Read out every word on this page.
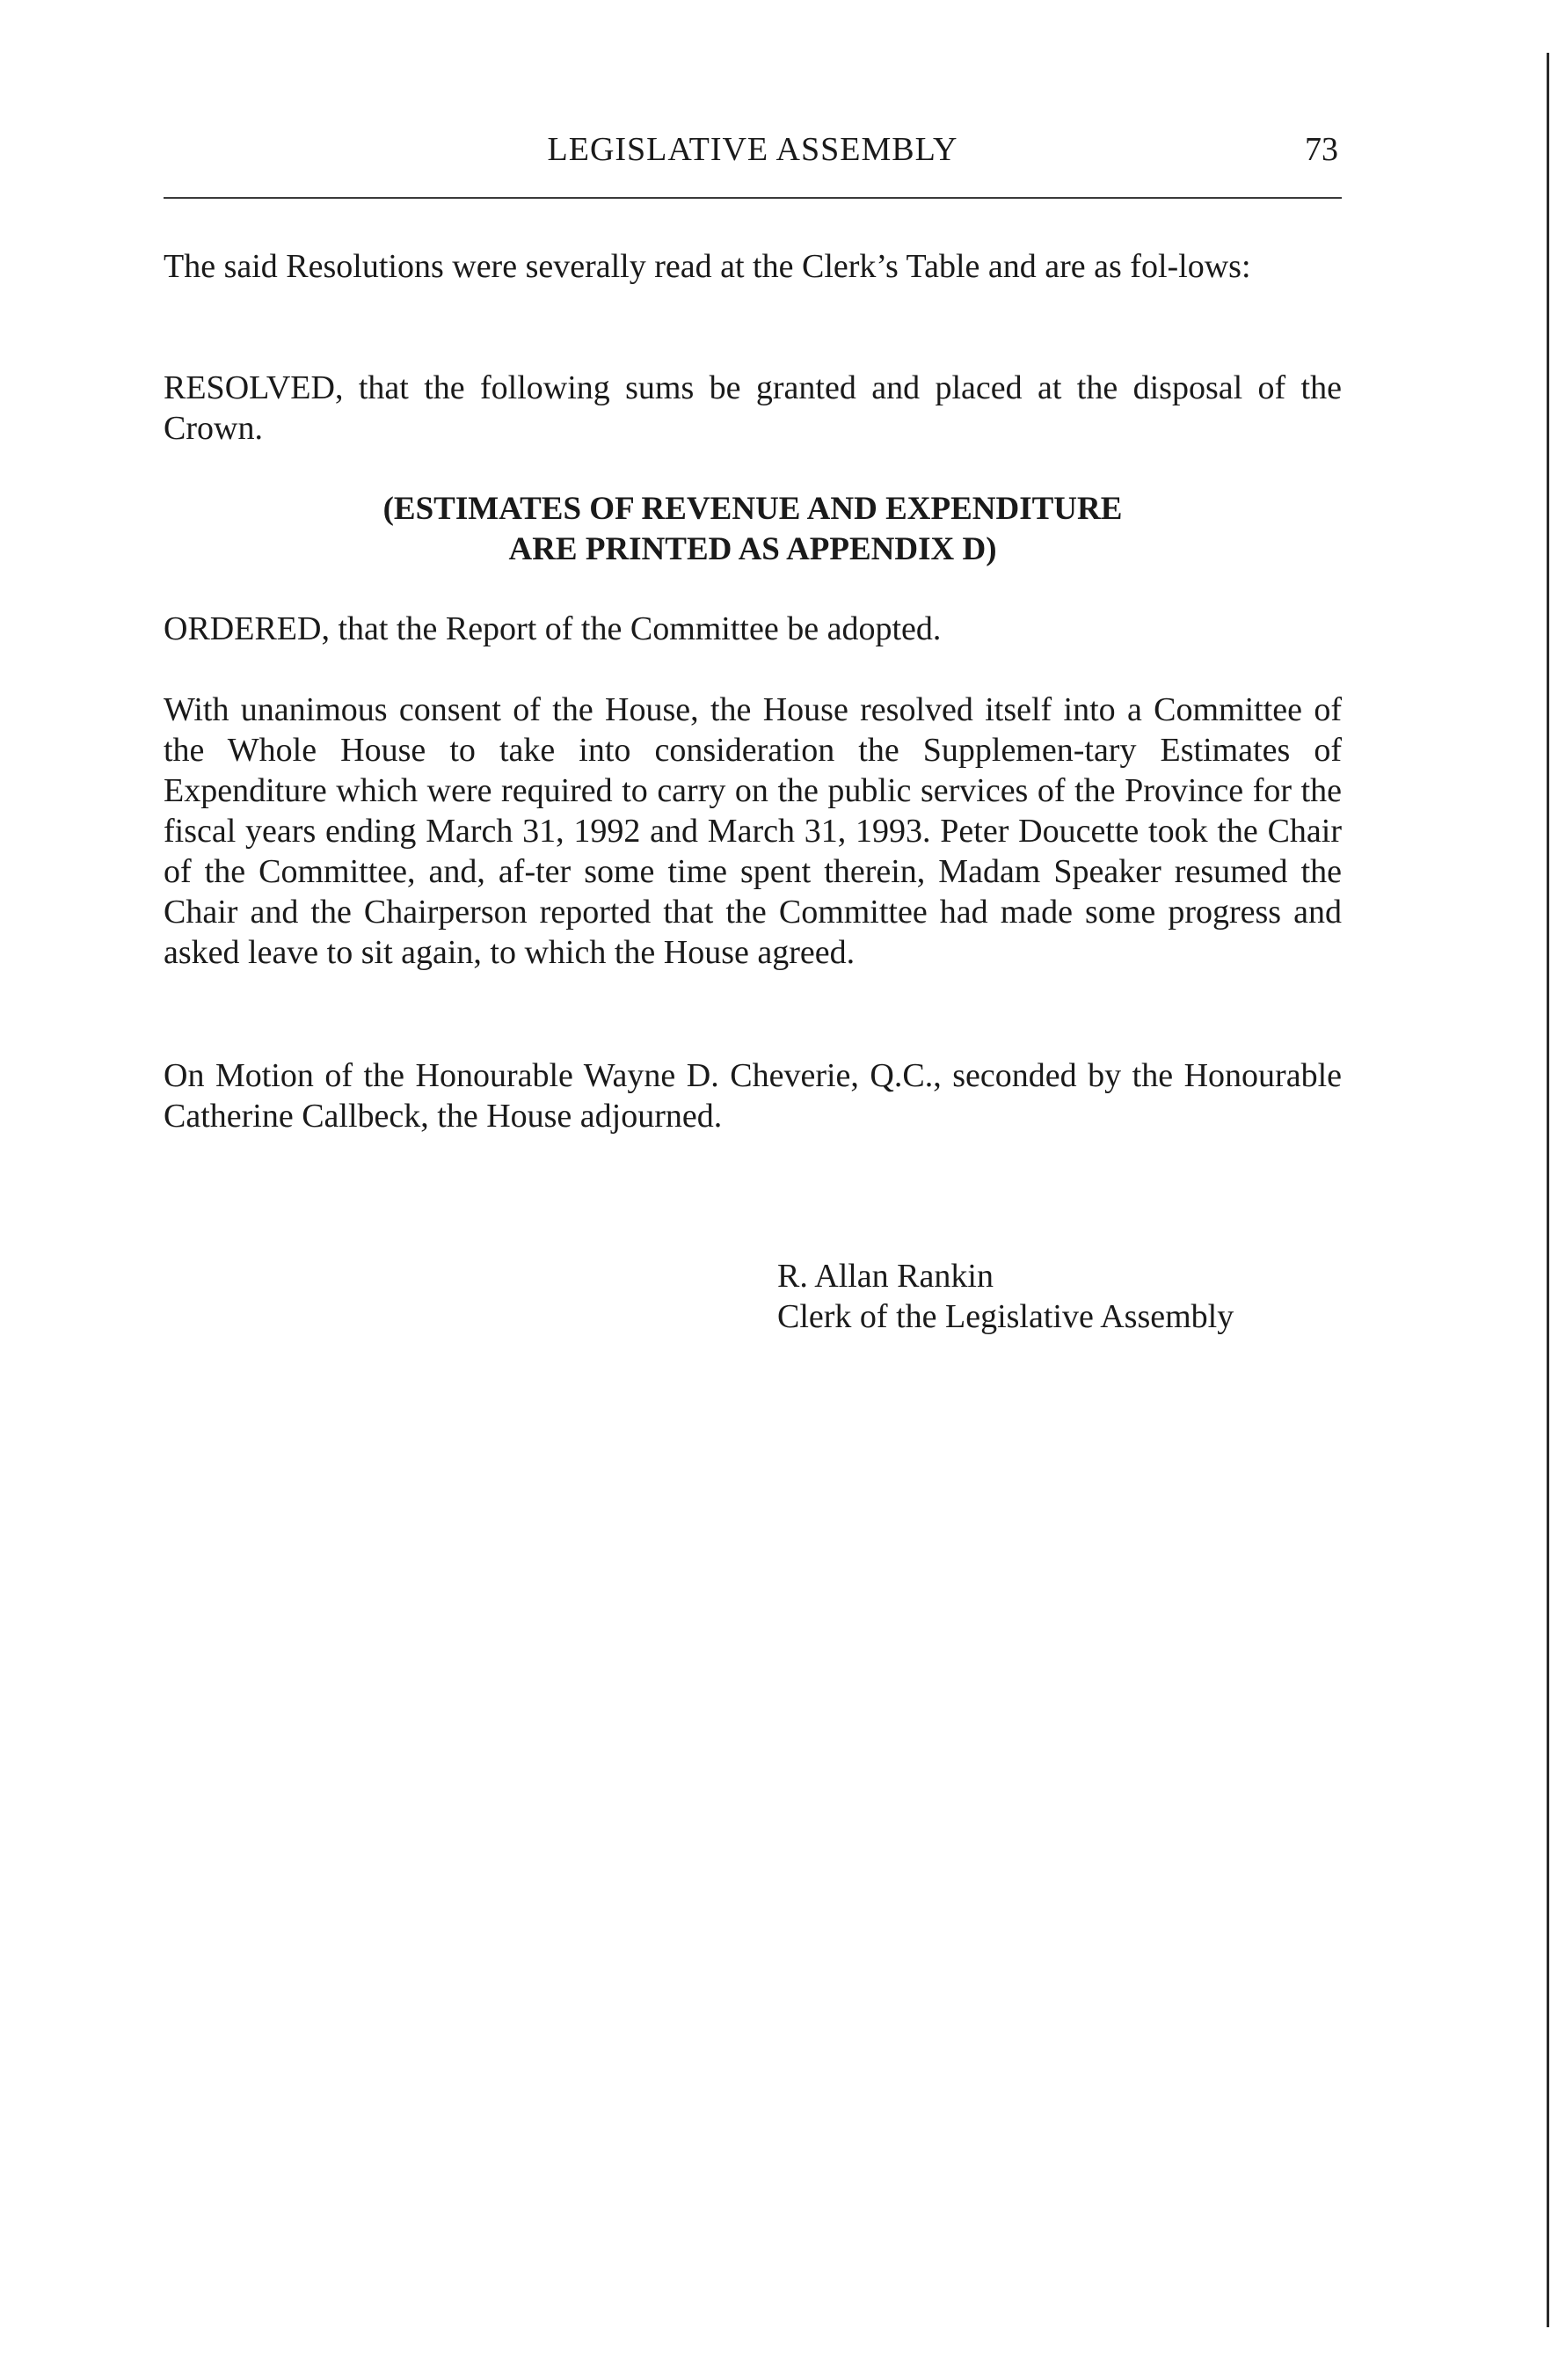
LEGISLATIVE ASSEMBLY	73

The said Resolutions were severally read at the Clerk’s Table and are as fol-lows:

RESOLVED, that the following sums be granted and placed at the disposal of the Crown.

(ESTIMATES OF REVENUE AND EXPENDITURE
ARE PRINTED AS APPENDIX D)

ORDERED, that the Report of the Committee be adopted.

With unanimous consent of the House, the House resolved itself into a Committee of the Whole House to take into consideration the Supplemen-tary Estimates of Expenditure which were required to carry on the public services of the Province for the fiscal years ending March 31, 1992 and March 31, 1993. Peter Doucette took the Chair of the Committee, and, af-ter some time spent therein, Madam Speaker resumed the Chair and the Chairperson reported that the Committee had made some progress and asked leave to sit again, to which the House agreed.

On Motion of the Honourable Wayne D. Cheverie, Q.C., seconded by the Honourable Catherine Callbeck, the House adjourned.

R. Allan Rankin
Clerk of the Legislative Assembly
